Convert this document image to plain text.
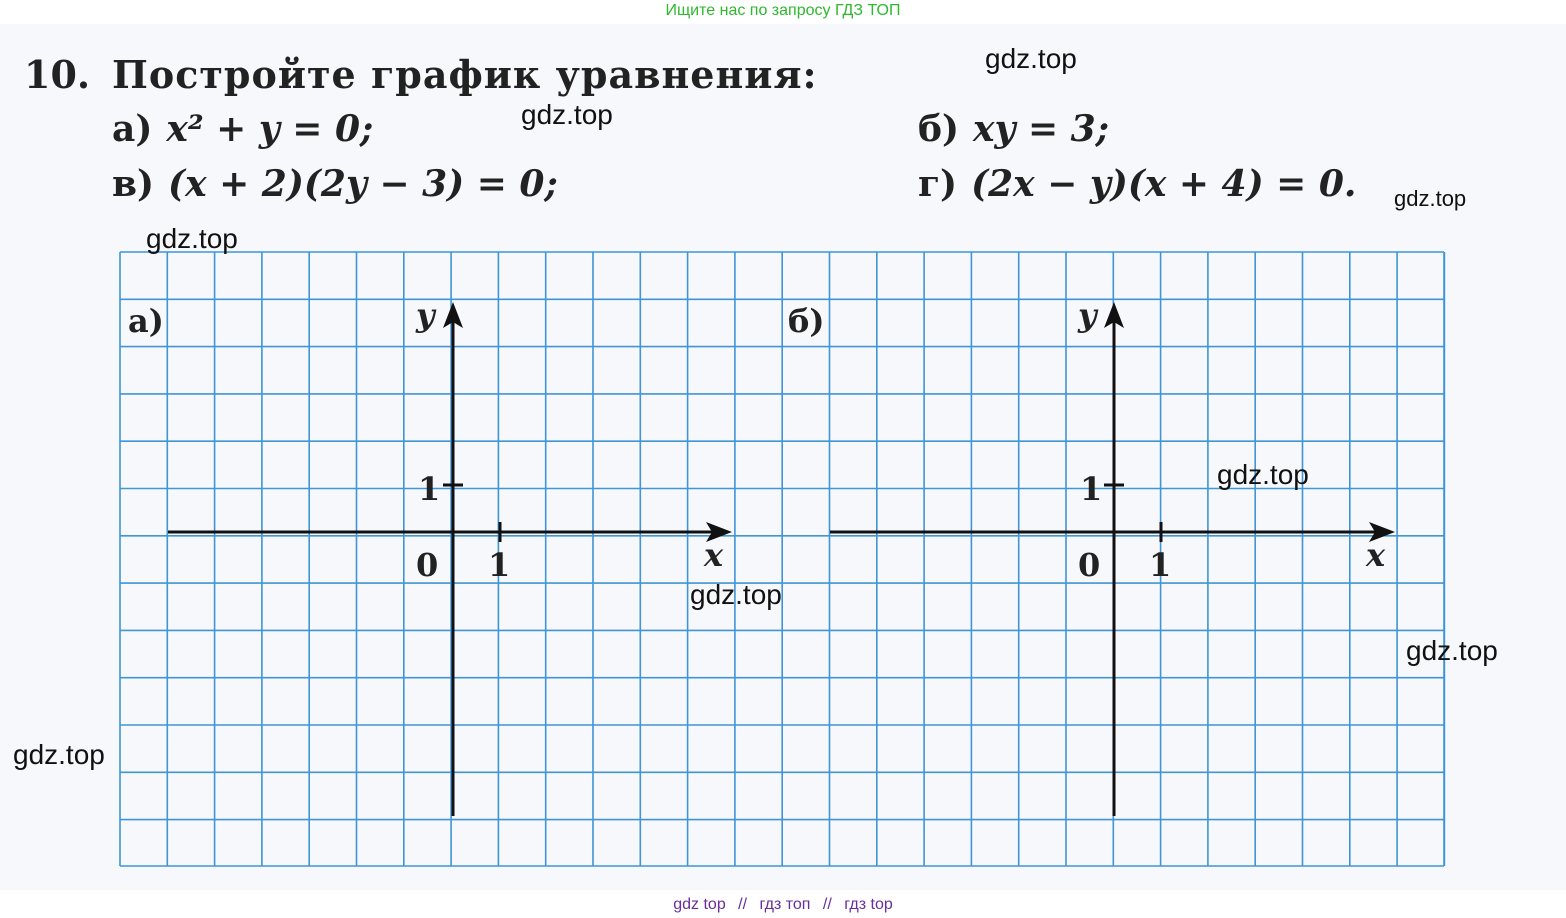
Ищите нас по запросу ГДЗ ТОП
10. Постройте график уравнения:
а) x² + y = 0;	б) xy = 3;
в) (x + 2)(2y − 3) = 0;	г) (2x − y)(x + 4) = 0.
а)	y
x
0 1
1
б)	y
x
0 1
1
gdz.top
gdz.top
gdz.top
gdz.top
gdz.top
gdz.top
gdz.top
gdz.top
gdz top // гдз топ // гдз top
